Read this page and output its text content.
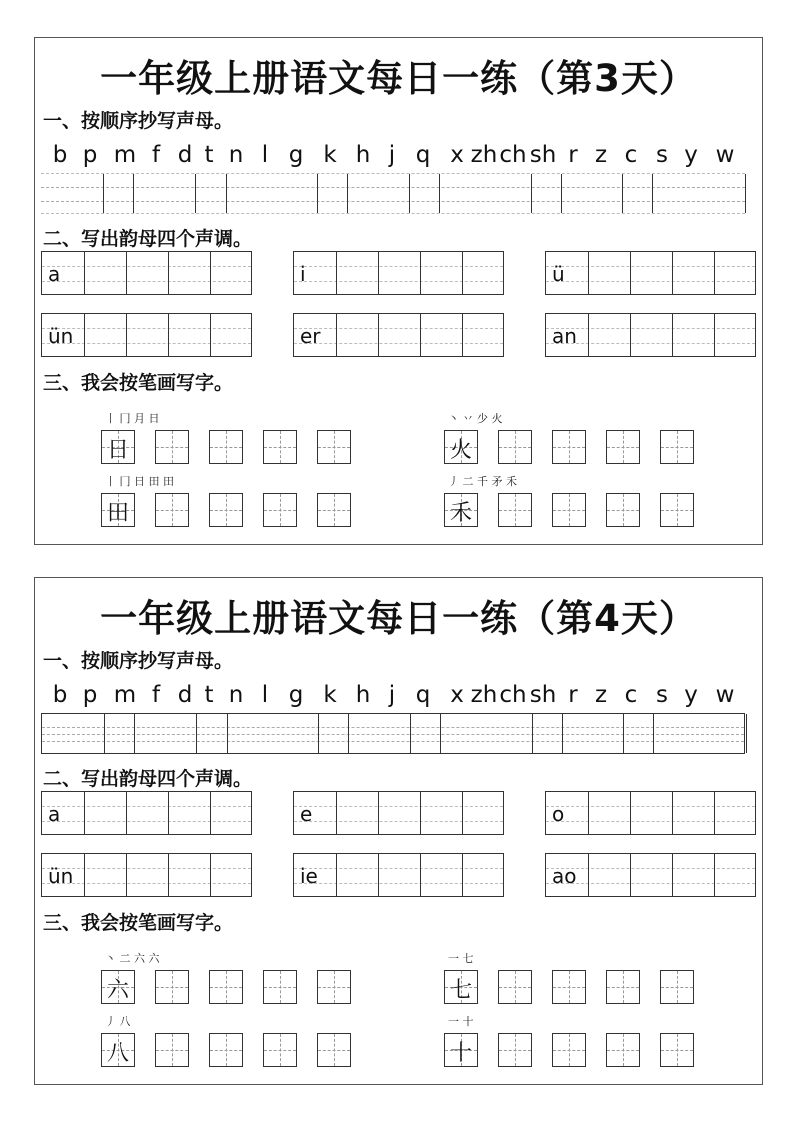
一年级上册语文每日一练（第3天）
一、按顺序抄写声母。
二、写出韵母四个声调。
三、我会按笔画写字。
b p m f d t n l g k h j q x zh ch sh r z c s y w
a	i	ü
ün	er	an
丨 冂 月 日
日
丶 丷 少 火
火
丨 冂 日 田 田
田
丿 二 千 矛 禾
禾
一年级上册语文每日一练（第4天）
一、按顺序抄写声母。
二、写出韵母四个声调。
三、我会按笔画写字。
b p m f d t n l g k h j q x zh ch sh r z c s y w
a	e	o
ün	ie	ao
丶 二 六 六
六
一 七
七
丿 八
八
一 十
十
